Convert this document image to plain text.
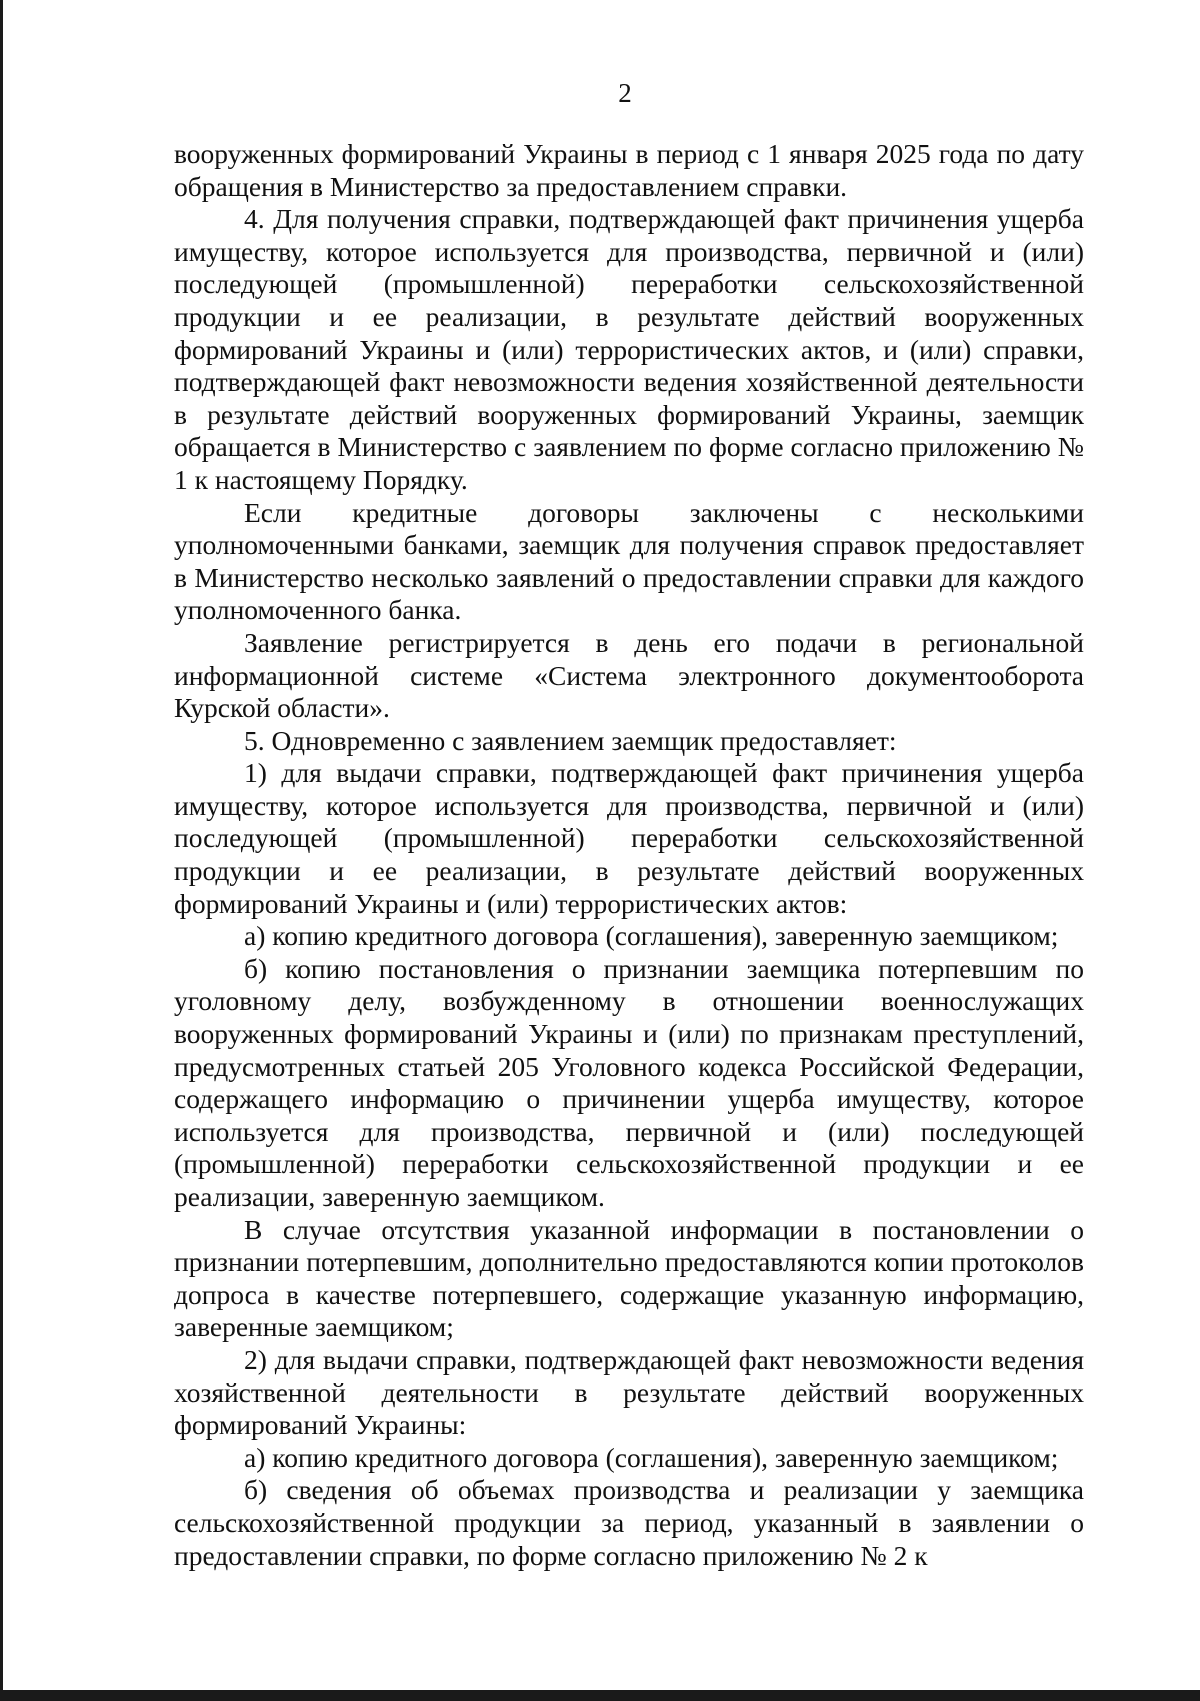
2

вооруженных формирований Украины в период с 1 января 2025 года по дату обращения в Министерство за предоставлением справки.

4. Для получения справки, подтверждающей факт причинения ущерба имуществу, которое используется для производства, первичной и (или) последующей (промышленной) переработки сельскохозяйственной продукции и ее реализации, в результате действий вооруженных формирований Украины и (или) террористических актов, и (или) справки, подтверждающей факт невозможности ведения хозяйственной деятельности в результате действий вооруженных формирований Украины, заемщик обращается в Министерство с заявлением по форме согласно приложению № 1 к настоящему Порядку.

Если кредитные договоры заключены с несколькими уполномоченными банками, заемщик для получения справок предоставляет в Министерство несколько заявлений о предоставлении справки для каждого уполномоченного банка.

Заявление регистрируется в день его подачи в региональной информационной системе «Система электронного документооборота Курской области».

5. Одновременно с заявлением заемщик предоставляет:

1) для выдачи справки, подтверждающей факт причинения ущерба имуществу, которое используется для производства, первичной и (или) последующей (промышленной) переработки сельскохозяйственной продукции и ее реализации, в результате действий вооруженных формирований Украины и (или) террористических актов:

а) копию кредитного договора (соглашения), заверенную заемщиком;

б) копию постановления о признании заемщика потерпевшим по уголовному делу, возбужденному в отношении военнослужащих вооруженных формирований Украины и (или) по признакам преступлений, предусмотренных статьей 205 Уголовного кодекса Российской Федерации, содержащего информацию о причинении ущерба имуществу, которое используется для производства, первичной и (или) последующей (промышленной) переработки сельскохозяйственной продукции и ее реализации, заверенную заемщиком.

В случае отсутствия указанной информации в постановлении о признании потерпевшим, дополнительно предоставляются копии протоколов допроса в качестве потерпевшего, содержащие указанную информацию, заверенные заемщиком;

2) для выдачи справки, подтверждающей факт невозможности ведения хозяйственной деятельности в результате действий вооруженных формирований Украины:

а) копию кредитного договора (соглашения), заверенную заемщиком;

б) сведения об объемах производства и реализации у заемщика сельскохозяйственной продукции за период, указанный в заявлении о предоставлении справки, по форме согласно приложению № 2 к
